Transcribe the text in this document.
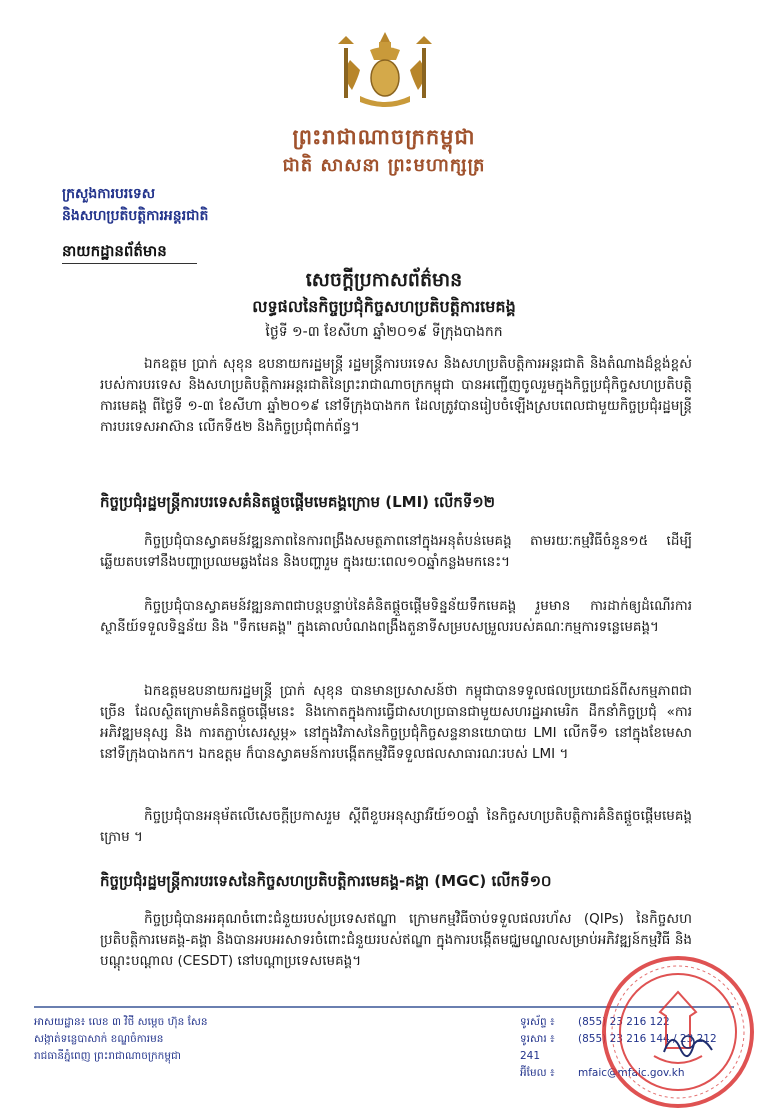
ព្រះរាជាណាចក្រកម្ពុជា
ជាតិ សាសនា ព្រះមហាក្សត្រ
ក្រសួងការបរទេស
និងសហប្រតិបត្តិការអន្តរជាតិ
នាយកដ្ឋានព័ត៌មាន
សេចក្តីប្រកាសព័ត៌មាន
លទ្ធផលនៃកិច្ចប្រជុំកិច្ចសហប្រតិបត្តិការមេគង្គ
ថ្ងៃទី ១-៣ ខែសីហា ឆ្នាំ២០១៩ ទីក្រុងបាងកក
ឯកឧត្តម ប្រាក់ សុខុន ឧបនាយករដ្ឋមន្ត្រី រដ្ឋមន្ត្រីការបរទេស និងសហប្រតិបត្តិការអន្តរជាតិ និងតំណាងដ៏ខ្ពង់ខ្ពស់របស់ការបរទេស និងសហប្រតិបត្តិការអន្តរជាតិនៃព្រះរាជាណាចក្រកម្ពុជា បានអញ្ជើញចូលរួមក្នុងកិច្ចប្រជុំកិច្ចសហប្រតិបត្តិការមេគង្គ ពីថ្ងៃទី ១-៣ ខែសីហា ឆ្នាំ២០១៩ នៅទីក្រុងបាងកក ដែលត្រូវបានរៀបចំឡើងស្របពេលជាមួយកិច្ចប្រជុំរដ្ឋមន្ត្រីការបរទេសអាស៊ាន លើកទី៥២ និងកិច្ចប្រជុំពាក់ព័ន្ធ។
កិច្ចប្រជុំរដ្ឋមន្ត្រីការបរទេសគំនិតផ្តួចផ្តើមមេគង្គក្រោម (LMI) លើកទី១២
កិច្ចប្រជុំបានស្វាគមន៍វឌ្ឍនភាពនៃការពង្រឹងសមត្ថភាពនៅក្នុងអនុតំបន់មេគង្គ តាមរយៈកម្មវិធីចំនួន១៥ ដើម្បីឆ្លើយតបទៅនឹងបញ្ហាប្រឈមឆ្លងដែន និងបញ្ហារួម ក្នុងរយៈពេល១០ឆ្នាំកន្លងមកនេះ។
កិច្ចប្រជុំបានស្វាគមន៍វឌ្ឍនភាពជាបន្តបន្ទាប់នៃគំនិតផ្តួចផ្តើមទិន្នន័យទឹកមេគង្គ រួមមាន ការដាក់ឲ្យដំណើរការស្ថានីយ៍ទទួលទិន្នន័យ និង "ទឹកមេគង្គ" ក្នុងគោលបំណងពង្រឹងតួនាទីសម្របសម្រួលរបស់គណៈកម្មការទន្លេមេគង្គ។
ឯកឧត្តមឧបនាយករដ្ឋមន្ត្រី ប្រាក់ សុខុន បានមានប្រសាសន៍ថា កម្ពុជាបានទទួលផលប្រយោជន៍ពីសកម្មភាពជាច្រើន ដែលស្ថិតក្រោមគំនិតផ្តួចផ្តើមនេះ និងកោតក្នុងការធ្វើជាសហប្រធានជាមួយសហរដ្ឋអាមេរិក ដឹកនាំកិច្ចប្រជុំ «ការអភិវឌ្ឍមនុស្ស និង ការតភ្ជាប់សេរស្ថម្ភ» នៅក្នុងវិភាសនៃកិច្ចប្រជុំកិច្ចសន្ទនានយោបាយ LMI លើកទី១ នៅក្នុងខែមេសា នៅទីក្រុងបាងកក។ ឯកឧត្តម ក៏បានស្វាគមន៍ការបង្កើតកម្មវិធីទទួលផលសាធារណៈរបស់ LMI ។
កិច្ចប្រជុំបានអនុម័តលើសេចក្តីប្រកាសរួម ស្តីពីខួបអនុស្សាវរីយ៍១០ឆ្នាំ នៃកិច្ចសហប្រតិបត្តិការគំនិតផ្តួចផ្តើមមេគង្គក្រោម ។
កិច្ចប្រជុំរដ្ឋមន្ត្រីការបរទេសនៃកិច្ចសហប្រតិបត្តិការមេគង្គ-គង្គា (MGC) លើកទី១០
កិច្ចប្រជុំបានអរគុណចំពោះជំនួយរបស់ប្រទេសឥណ្ឌា ក្រោមកម្មវិធីចាប់ទទួលផលរហ័ស (QIPs) នៃកិច្ចសហប្រតិបត្តិការមេគង្គ-គង្គា និងបានអបអរសាទរចំពោះជំនួយរបស់ឥណ្ឌា ក្នុងការបង្កើតមជ្ឈមណ្ឌលសម្រាប់អភិវឌ្ឍន៍កម្មវិធី និងបណ្តុះបណ្តាល (CESDT) នៅបណ្តាប្រទេសមេគង្គ។
អាសយដ្ឋាន៖ លេខ ៣ វិថី សម្តេច ហ៊ុន សែន
សង្កាត់ទន្លេបាសាក់ ខណ្ឌចំការមន
រាជធានីភ្នំពេញ ព្រះរាជាណាចក្រកម្ពុជា
ទូរស័ព្ទ ៖ (855) 23 216 122
ទូរសារ ៖ (855) 23 216 144 / 23 212 241
អ៊ីមែល ៖ mfaic@mfaic.gov.kh
